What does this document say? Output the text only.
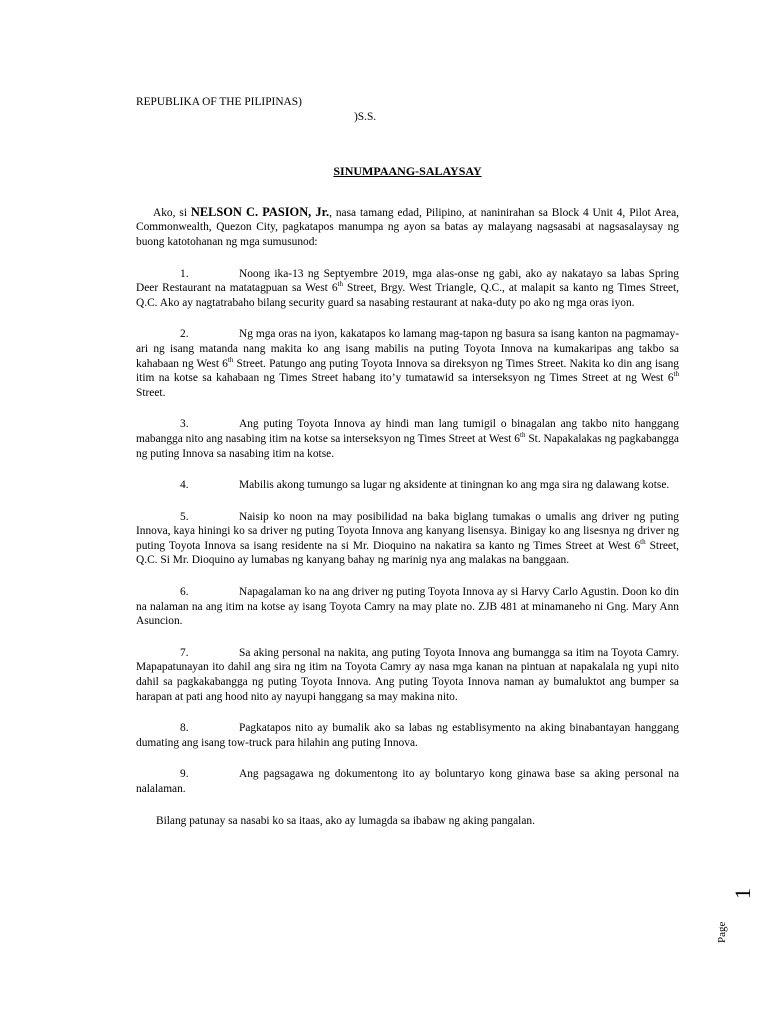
REPUBLIKA OF THE PILIPINAS)
)S.S.
SINUMPAANG-SALAYSAY
Ako, si NELSON C. PASION, Jr., nasa tamang edad, Pilipino, at naninirahan sa Block 4 Unit 4, Pilot Area, Commonwealth, Quezon City, pagkatapos manumpa ng ayon sa batas ay malayang nagsasabi at nagsasalaysay ng buong katotohanan ng mga sumusunod:
1.	Noong ika-13 ng Septyembre 2019, mga alas-onse ng gabi, ako ay nakatayo sa labas Spring Deer Restaurant na matatagpuan sa West 6th Street, Brgy. West Triangle, Q.C., at malapit sa kanto ng Times Street, Q.C. Ako ay nagtatrabaho bilang security guard sa nasabing restaurant at naka-duty po ako ng mga oras iyon.
2.	Ng mga oras na iyon, kakatapos ko lamang mag-tapon ng basura sa isang kanton na pagmamay-ari ng isang matanda nang makita ko ang isang mabilis na puting Toyota Innova na kumakaripas ang takbo sa kahabaan ng West 6th Street. Patungo ang puting Toyota Innova sa direksyon ng Times Street. Nakita ko din ang isang itim na kotse sa kahabaan ng Times Street habang ito’y tumatawid sa interseksyon ng Times Street at ng West 6th Street.
3.	Ang puting Toyota Innova ay hindi man lang tumigil o binagalan ang takbo nito hanggang mabangga nito ang nasabing itim na kotse sa interseksyon ng Times Street at West 6th St. Napakalakas ng pagkabangga ng puting Innova sa nasabing itim na kotse.
4.	Mabilis akong tumungo sa lugar ng aksidente at tiningnan ko ang mga sira ng dalawang kotse.
5.	Naisip ko noon na may posibilidad na baka biglang tumakas o umalis ang driver ng puting Innova, kaya hiningi ko sa driver ng puting Toyota Innova ang kanyang lisensya. Binigay ko ang lisesnya ng driver ng puting Toyota Innova sa isang residente na si Mr. Dioquino na nakatira sa kanto ng Times Street at West 6th Street, Q.C. Si Mr. Dioquino ay lumabas ng kanyang bahay ng marinig nya ang malakas na banggaan.
6.	Napagalaman ko na ang driver ng puting Toyota Innova ay si Harvy Carlo Agustin. Doon ko din na nalaman na ang itim na kotse ay isang Toyota Camry na may plate no. ZJB 481 at minamaneho ni Gng. Mary Ann Asuncion.
7.	Sa aking personal na nakita, ang puting Toyota Innova ang bumangga sa itim na Toyota Camry. Mapapatunayan ito dahil ang sira ng itim na Toyota Camry ay nasa mga kanan na pintuan at napakalala ng yupi nito dahil sa pagkakabangga ng puting Toyota Innova. Ang puting Toyota Innova naman ay bumaluktot ang bumper sa harapan at pati ang hood nito ay nayupi hanggang sa may makina nito.
8.	Pagkatapos nito ay bumalik ako sa labas ng establisymento na aking binabantayan hanggang dumating ang isang tow-truck para hilahin ang puting Innova.
9.	Ang pagsagawa ng dokumentong ito ay boluntaryo kong ginawa base sa aking personal na nalalaman.
Bilang patunay sa nasabi ko sa itaas, ako ay lumagda sa ibabaw ng aking pangalan.
Page
1
